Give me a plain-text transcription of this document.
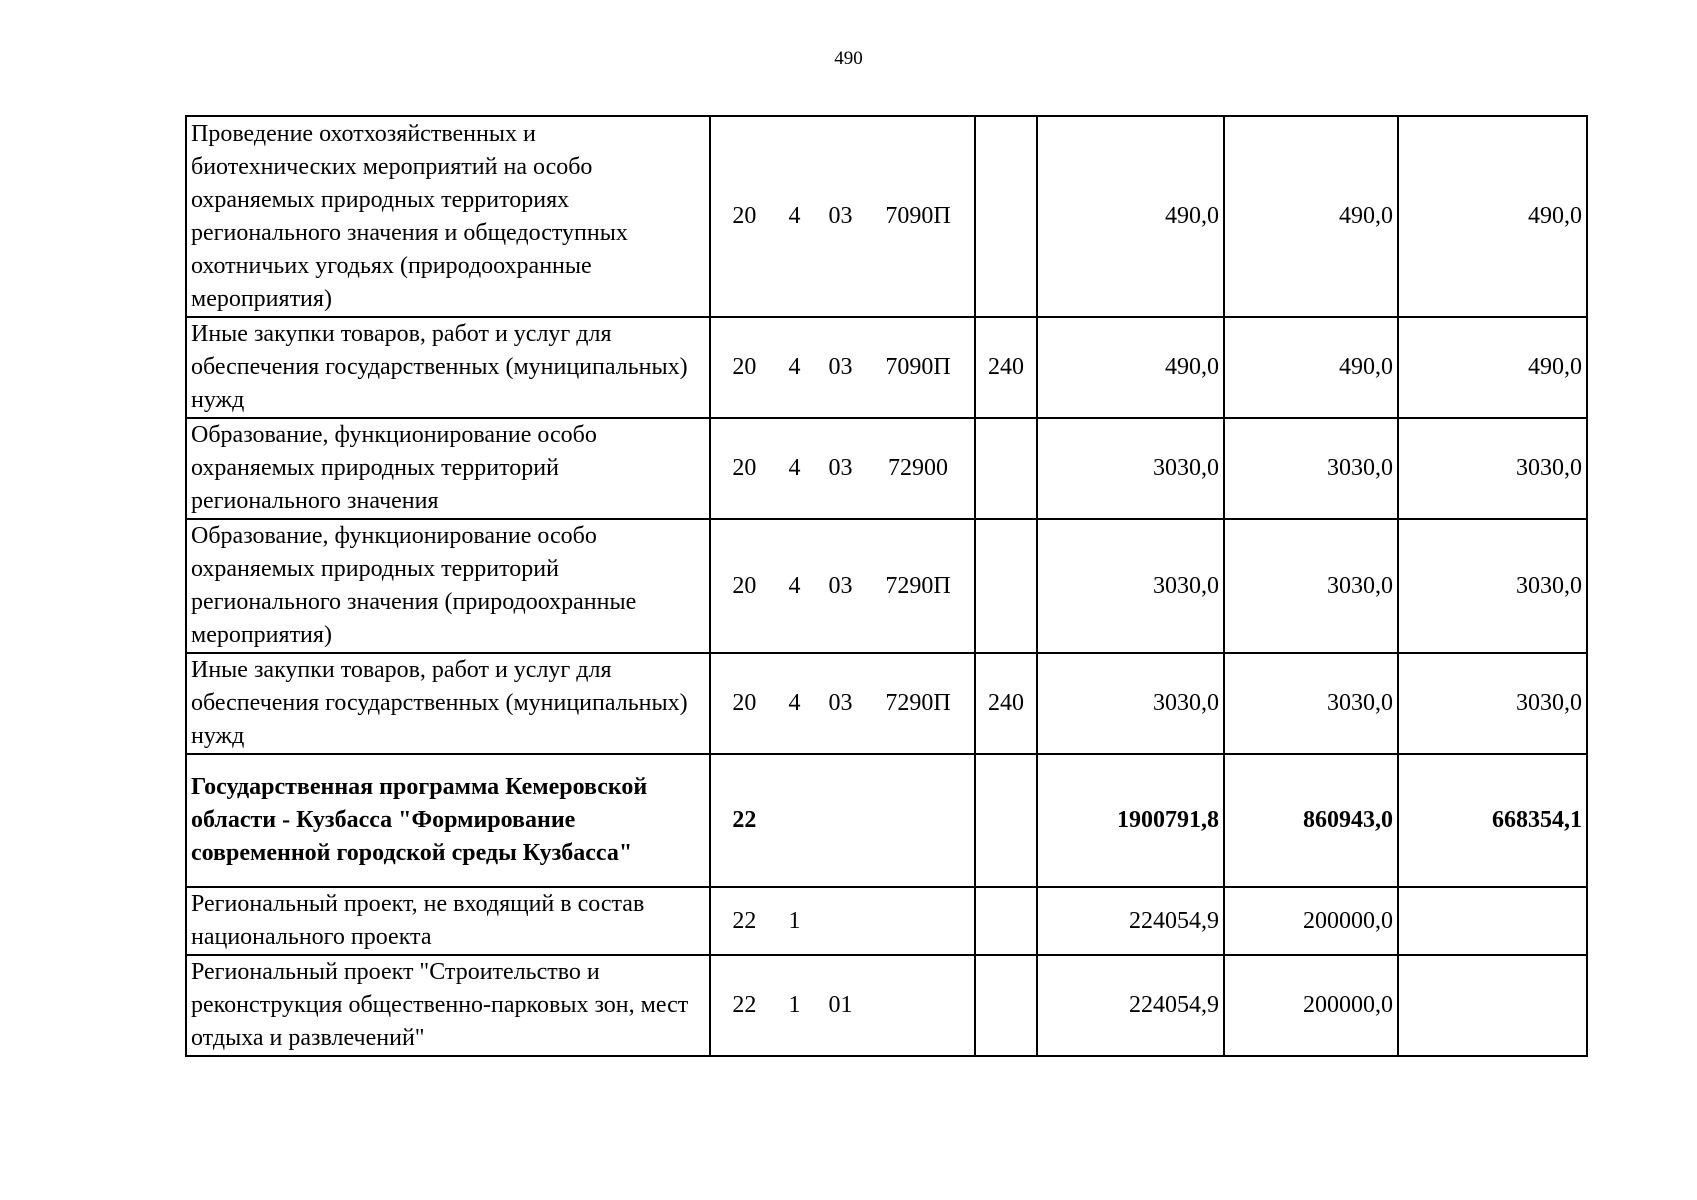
490
Проведение охотхозяйственных и биотехнических мероприятий на особо охраняемых природных территориях регионального значения и общедоступных охотничьих угодьях (природоохранные мероприятия)	20 4 03 7090П		490,0	490,0	490,0
Иные закупки товаров, работ и услуг для обеспечения государственных (муниципальных) нужд	20 4 03 7090П	240	490,0	490,0	490,0
Образование, функционирование особо охраняемых природных территорий регионального значения	20 4 03 72900		3030,0	3030,0	3030,0
Образование, функционирование особо охраняемых природных территорий регионального значения (природоохранные мероприятия)	20 4 03 7290П		3030,0	3030,0	3030,0
Иные закупки товаров, работ и услуг для обеспечения государственных (муниципальных) нужд	20 4 03 7290П	240	3030,0	3030,0	3030,0
Государственная программа Кемеровской области - Кузбасса "Формирование современной городской среды Кузбасса"	22		1900791,8	860943,0	668354,1
Региональный проект, не входящий в состав национального проекта	22 1		224054,9	200000,0	
Региональный проект "Строительство и реконструкция общественно-парковых зон, мест отдыха и развлечений"	22 1 01		224054,9	200000,0	
